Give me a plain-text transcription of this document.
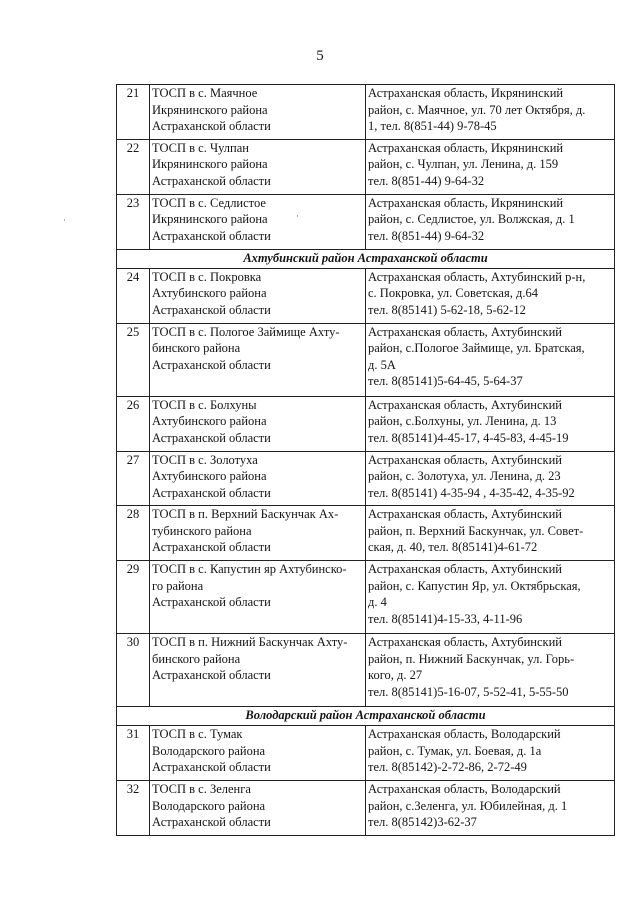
5
21	ТОСП в с. Маячное
Икрянинского района
Астраханской области	Астраханская область, Икрянинский
район, с. Маячное, ул. 70 лет Октября, д.
1, тел. 8(851-44) 9-78-45

22	ТОСП в с. Чулпан
Икрянинского района
Астраханской области	Астраханская область, Икрянинский
район, с. Чулпан, ул. Ленина, д. 159
тел. 8(851-44) 9-64-32

23	ТОСП в с. Седлистое
Икрянинского района
Астраханской области	Астраханская область, Икрянинский
район, с. Седлистое, ул. Волжская, д. 1
тел. 8(851-44) 9-64-32

Ахтубинский район Астраханской области		
24	ТОСП в с. Покровка
Ахтубинского района
Астраханской области	Астраханская область, Ахтубинский р-н,
с. Покровка, ул. Советская, д.64
тел. 8(85141) 5-62-18, 5-62-12

25	ТОСП в с. Пологое Займище Ахту-
бинского района
Астраханской области	Астраханская область, Ахтубинский
район, с.Пологое Займище, ул. Братская,
д. 5А
тел. 8(85141)5-64-45, 5-64-37

26	ТОСП в с. Болхуны
Ахтубинского района
Астраханской области	Астраханская область, Ахтубинский
район, с.Болхуны, ул. Ленина, д. 13
тел. 8(85141)4-45-17, 4-45-83, 4-45-19

27	ТОСП в с. Золотуха
Ахтубинского района
Астраханской области	Астраханская область, Ахтубинский
район, с. Золотуха, ул. Ленина, д. 23
тел. 8(85141) 4-35-94 , 4-35-42, 4-35-92

28	ТОСП в п. Верхний Баскунчак Ах-
тубинского района
Астраханской области	Астраханская область, Ахтубинский
район, п. Верхний Баскунчак, ул. Совет-
ская, д. 40, тел. 8(85141)4-61-72

29	ТОСП в с. Капустин яр Ахтубинско-
го района
Астраханской области	Астраханская область, Ахтубинский
район, с. Капустин Яр, ул. Октябрьская,
д. 4
тел. 8(85141)4-15-33, 4-11-96

30	ТОСП в п. Нижний Баскунчак Ахту-
бинского района
Астраханской области	Астраханская область, Ахтубинский
район, п. Нижний Баскунчак, ул. Горь-
кого, д. 27
тел. 8(85141)5-16-07, 5-52-41, 5-55-50

Володарский район Астраханской области		
31	ТОСП в с. Тумак
Володарского района
Астраханской области	Астраханская область, Володарский
район, с. Тумак, ул. Боевая, д. 1а
тел. 8(85142)-2-72-86, 2-72-49

32	ТОСП в с. Зеленга
Володарского района
Астраханской области	Астраханская область, Володарский
район, с.Зеленга, ул. Юбилейная, д. 1
тел. 8(85142)3-62-37
·	·
